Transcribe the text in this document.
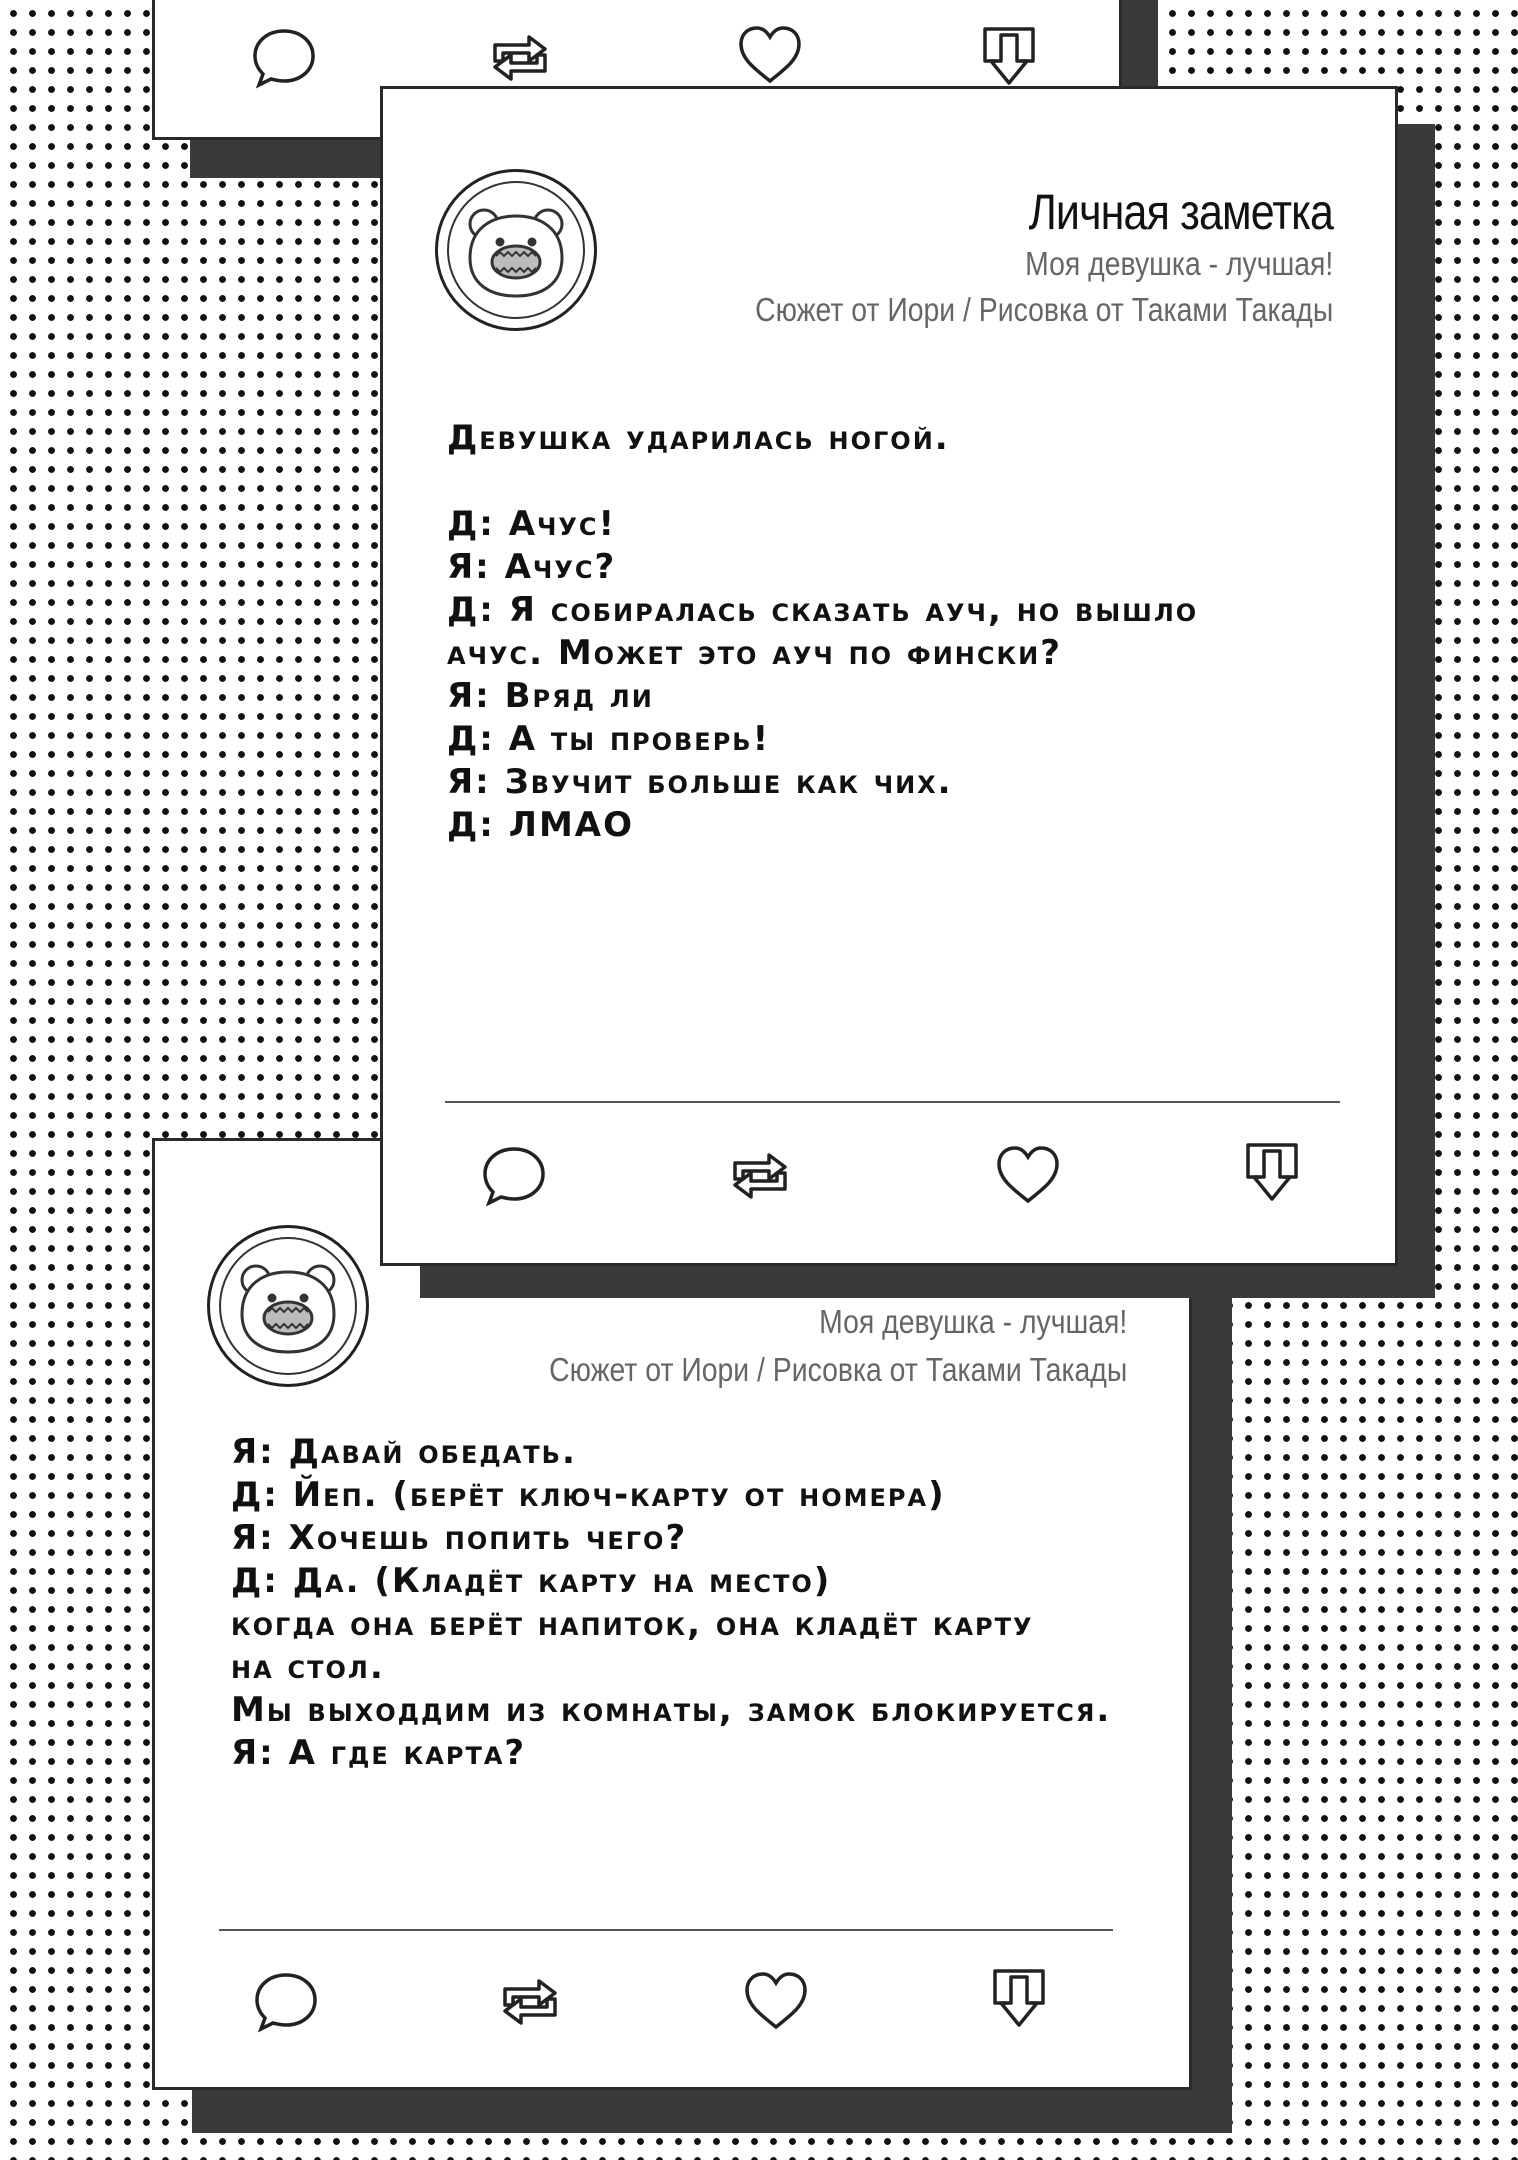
Моя девушка - лучшая!
Сюжет от Иори / Рисовка от Таками Такады
Я: Давай обедать.
Д: Йеп. (берёт ключ-карту от номера)
Я: Хочешь попить чего?
Д: Да. (Кладёт карту на место)
когда она берёт напиток, она кладёт карту
на стол.
Мы выходдим из комнаты, замок блокируется.
Я: А где карта?
Личная заметка
Моя девушка - лучшая!
Сюжет от Иори / Рисовка от Таками Такады
Девушка ударилась ногой.
Д: Ачус!
Я: Ачус?
Д: Я собиралась сказать ауч, но вышло
ачус. Может это ауч по фински?
Я: Вряд ли
Д: А ты проверь!
Я: Звучит больше как чих.
Д: ЛМАО
